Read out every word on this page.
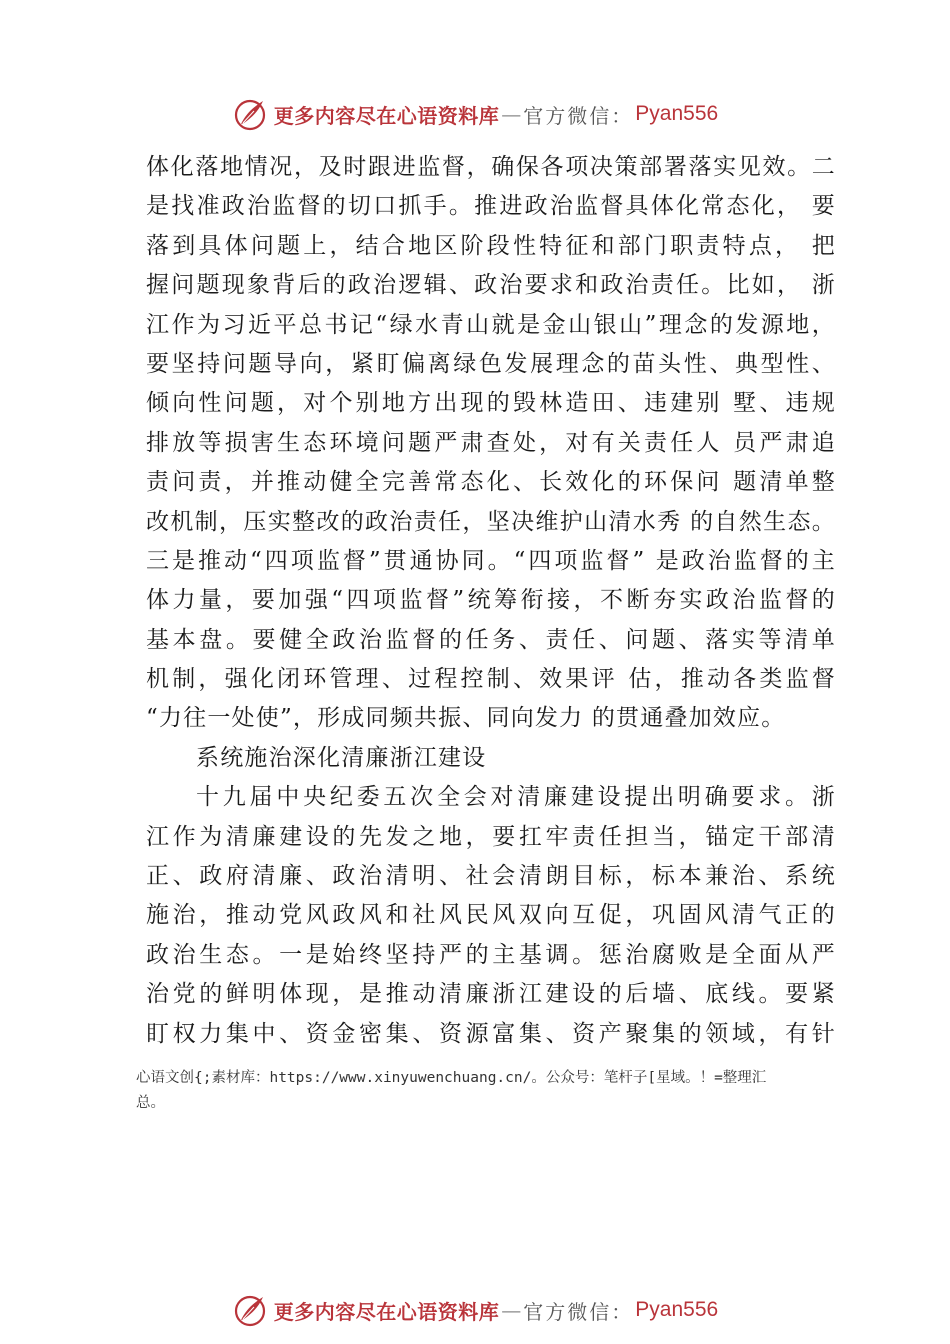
更多内容尽在心语资料库 — 官方微信： Pyan556
体化落地情况，及时跟进监督，确保各项决策部署落实见效。二
是找准政治监督的切口抓手。推进政治监督具体化常态化， 要
落到具体问题上，结合地区阶段性特征和部门职责特点， 把
握问题现象背后的政治逻辑、政治要求和政治责任。比如， 浙
江作为习近平总书记“绿水青山就是金山银山”理念的发源地，
要坚持问题导向，紧盯偏离绿色发展理念的苗头性、典型性、
倾向性问题，对个别地方出现的毁林造田、违建别 墅、违规
排放等损害生态环境问题严肃查处，对有关责任人 员严肃追
责问责，并推动健全完善常态化、长效化的环保问 题清单整
改机制，压实整改的政治责任，坚决维护山清水秀 的自然生态。
三是推动“四项监督”贯通协同。“四项监督” 是政治监督的主
体力量，要加强“四项监督”统筹衔接，不断夯实政治监督的
基本盘。要健全政治监督的任务、责任、问题、落实等清单
机制，强化闭环管理、过程控制、效果评 估，推动各类监督
“力往一处使”，形成同频共振、同向发力 的贯通叠加效应。
系统施治深化清廉浙江建设
十九届中央纪委五次全会对清廉建设提出明确要求。浙
江作为清廉建设的先发之地，要扛牢责任担当，锚定干部清
正、政府清廉、政治清明、社会清朗目标，标本兼治、系统
施治，推动党风政风和社风民风双向互促，巩固风清气正的
政治生态。一是始终坚持严的主基调。惩治腐败是全面从严
治党的鲜明体现，是推动清廉浙江建设的后墙、底线。要紧
盯权力集中、资金密集、资源富集、资产聚集的领域，有针
心语文创{;素材库：https://www.xinyuwenchuang.cn/。公众号：笔杆子[星域。！=整理汇
总。
更多内容尽在心语资料库 — 官方微信： Pyan556
